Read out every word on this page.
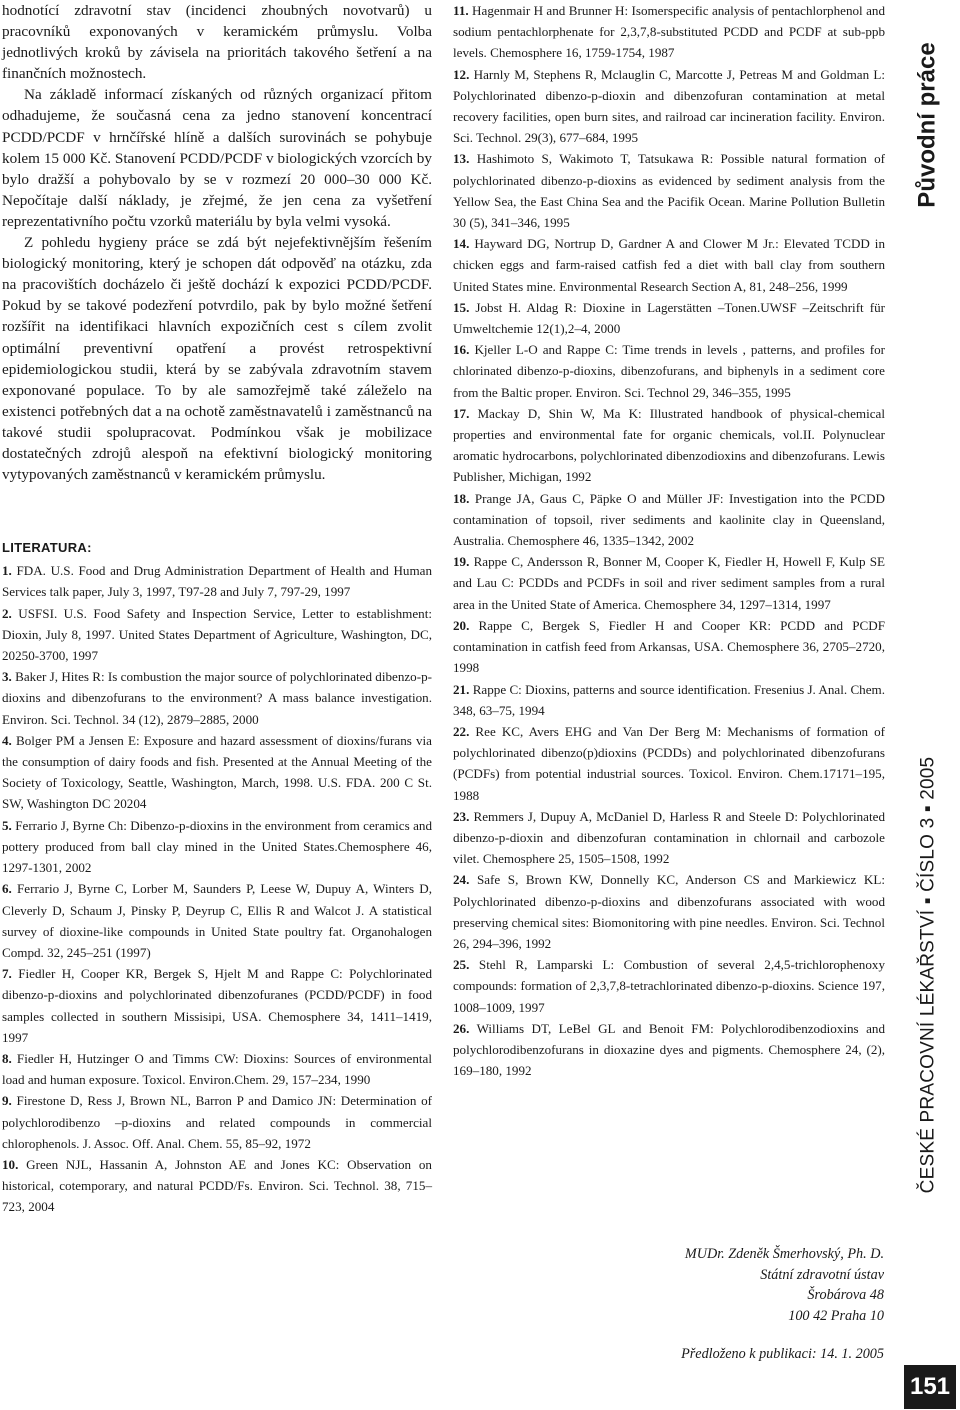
hodnotící zdravotní stav (incidenci zhoubných novotvarů) u pracovníků exponovaných v keramickém průmyslu. Volba jednotlivých kroků by závisela na prioritách takového šetření a na finančních možnostech.

Na základě informací získaných od různých organizací přitom odhadujeme, že současná cena za jedno stanovení koncentrací PCDD/PCDF v hrnčířské hlíně a dalších surovinách se pohybuje kolem 15 000 Kč. Stanovení PCDD/PCDF v biologických vzorcích by bylo dražší a pohybovalo by se v rozmezí 20 000–30 000 Kč. Nepočítaje další náklady, je zřejmé, že jen cena za vyšetření reprezentativního počtu vzorků materiálu by byla velmi vysoká.

Z pohledu hygieny práce se zdá být nejefektivnějším řešením biologický monitoring, který je schopen dát odpověď na otázku, zda na pracovištích docházelo či ještě dochází k expozici PCDD/PCDF. Pokud by se takové podezření potvrdilo, pak by bylo možné šetření rozšířit na identifikaci hlavních expozičních cest s cílem zvolit optimální preventivní opatření a provést retrospektivní epidemiologickou studii, která by se zabývala zdravotním stavem exponované populace. To by ale samozřejmě také záleželo na existenci potřebných dat a na ochotě zaměstnavatelů i zaměstnanců na takové studii spolupracovat. Podmínkou však je mobilizace dostatečných zdrojů alespoň na efektivní biologický monitoring vytypovaných zaměstnanců v keramickém průmyslu.

LITERATURA:

1. FDA. U.S. Food and Drug Administration Department of Health and Human Services talk paper, July 3, 1997, T97-28 and July 7, 797-29, 1997

2. USFSI. U.S. Food Safety and Inspection Service, Letter to establishment: Dioxin, July 8, 1997. United States Department of Agriculture, Washington, DC, 20250-3700, 1997

3. Baker J, Hites R: Is combustion the major source of polychlorinated dibenzo-p-dioxins and dibenzofurans to the environment? A mass balance investigation. Environ. Sci. Technol. 34 (12), 2879–2885, 2000

4. Bolger PM a Jensen E: Exposure and hazard assessment of dioxins/furans via the consumption of dairy foods and fish. Presented at the Annual Meeting of the Society of Toxicology, Seattle, Washington, March, 1998. U.S. FDA. 200 C St. SW, Washington DC 20204

5. Ferrario J, Byrne Ch: Dibenzo-p-dioxins in the environment from ceramics and pottery produced from ball clay mined in the United States.Chemosphere 46, 1297-1301, 2002

6. Ferrario J, Byrne C, Lorber M, Saunders P, Leese W, Dupuy A, Winters D, Cleverly D, Schaum J, Pinsky P, Deyrup C, Ellis R and Walcot J. A statistical survey of dioxine-like compounds in United State poultry fat. Organohalogen Compd. 32, 245–251 (1997)

7. Fiedler H, Cooper KR, Bergek S, Hjelt M and Rappe C: Polychlorinated dibenzo-p-dioxins and polychlorinated dibenzofuranes (PCDD/PCDF) in food samples collected in southern Missisipi, USA. Chemosphere 34, 1411–1419, 1997

8. Fiedler H, Hutzinger O and Timms CW: Dioxins: Sources of environmental load and human exposure. Toxicol. Environ.Chem. 29, 157–234, 1990

9. Firestone D, Ress J, Brown NL, Barron P and Damico JN: Determination of polychlorodibenzo –p-dioxins and related compounds in commercial chlorophenols. J. Assoc. Off. Anal. Chem. 55, 85–92, 1972

10. Green NJL, Hassanin A, Johnston AE and Jones KC: Observation on historical, cotemporary, and natural PCDD/Fs. Environ. Sci. Technol. 38, 715–723, 2004

11. Hagenmair H and Brunner H: Isomerspecific analysis of pentachlorphenol and sodium pentachlorphenate for 2,3,7,8-substituted PCDD and PCDF at sub-ppb levels. Chemosphere 16, 1759-1754, 1987

12. Harnly M, Stephens R, Mclauglin C, Marcotte J, Petreas M and Goldman L: Polychlorinated dibenzo-p-dioxin and dibenzofuran contamination at metal recovery facilities, open burn sites, and railroad car incineration facility. Environ. Sci. Technol. 29(3), 677–684, 1995

13. Hashimoto S, Wakimoto T, Tatsukawa R: Possible natural formation of polychlorinated dibenzo-p-dioxins as evidenced by sediment analysis from the Yellow Sea, the East China Sea and the Pacifik Ocean. Marine Pollution Bulletin 30 (5), 341–346, 1995

14. Hayward DG, Nortrup D, Gardner A and Clower M Jr.: Elevated TCDD in chicken eggs and farm-raised catfish fed a diet with ball clay from southern United States mine. Environmental Research Section A, 81, 248–256, 1999

15. Jobst H. Aldag R: Dioxine in Lagerstätten –Tonen.UWSF –Zeitschrift für Umweltchemie 12(1),2–4, 2000

16. Kjeller L-O and Rappe C: Time trends in levels , patterns, and profiles for chlorinated dibenzo-p-dioxins, dibenzofurans, and biphenyls in a sediment core from the Baltic proper. Environ. Sci. Technol 29, 346–355, 1995

17. Mackay D, Shin W, Ma K: Illustrated handbook of physical-chemical properties and environmental fate for organic chemicals, vol.II. Polynuclear aromatic hydrocarbons, polychlorinated dibenzodioxins and dibenzofurans. Lewis Publisher, Michigan, 1992

18. Prange JA, Gaus C, Päpke O and Müller JF: Investigation into the PCDD contamination of topsoil, river sediments and kaolinite clay in Queensland, Australia. Chemosphere 46, 1335–1342, 2002

19. Rappe C, Andersson R, Bonner M, Cooper K, Fiedler H, Howell F, Kulp SE and Lau C: PCDDs and PCDFs in soil and river sediment samples from a rural area in the United State of America. Chemosphere 34, 1297–1314, 1997

20. Rappe C, Bergek S, Fiedler H and Cooper KR: PCDD and PCDF contamination in catfish feed from Arkansas, USA. Chemosphere 36, 2705–2720, 1998

21. Rappe C: Dioxins, patterns and source identification. Fresenius J. Anal. Chem. 348, 63–75, 1994

22. Ree KC, Avers EHG and Van Der Berg M: Mechanisms of formation of polychlorinated dibenzo(p)dioxins (PCDDs) and polychlorinated dibenzofurans (PCDFs) from potential industrial sources. Toxicol. Environ. Chem.17171–195, 1988

23. Remmers J, Dupuy A, McDaniel D, Harless R and Steele D: Polychlorinated dibenzo-p-dioxin and dibenzofuran contamination in chlornail and carbozole vilet. Chemosphere 25, 1505–1508, 1992

24. Safe S, Brown KW, Donnelly KC, Anderson CS and Markiewicz KL: Polychlorinated dibenzo-p-dioxins and dibenzofurans associated with wood preserving chemical sites: Biomonitoring with pine needles. Environ. Sci. Technol 26, 294–396, 1992

25. Stehl R, Lamparski L: Combustion of several 2,4,5-trichlorophenoxy compounds: formation of 2,3,7,8-tetrachlorinated dibenzo-p-dioxins. Science 197, 1008–1009, 1997

26. Williams DT, LeBel GL and Benoit FM: Polychlorodibenzodioxins and polychlorodibenzofurans in dioxazine dyes and pigments. Chemosphere 24, (2), 169–180, 1992

MUDr. Zdeněk Šmerhovský, Ph. D.
Státní zdravotní ústav
Šrobárova 48
100 42 Praha 10
Předloženo k publikaci: 14. 1. 2005
Původní práce
ČESKÉ PRACOVNÍ LÉKAŘSTVÍ ▪ ČÍSLO 3 ▪ 2005
151
